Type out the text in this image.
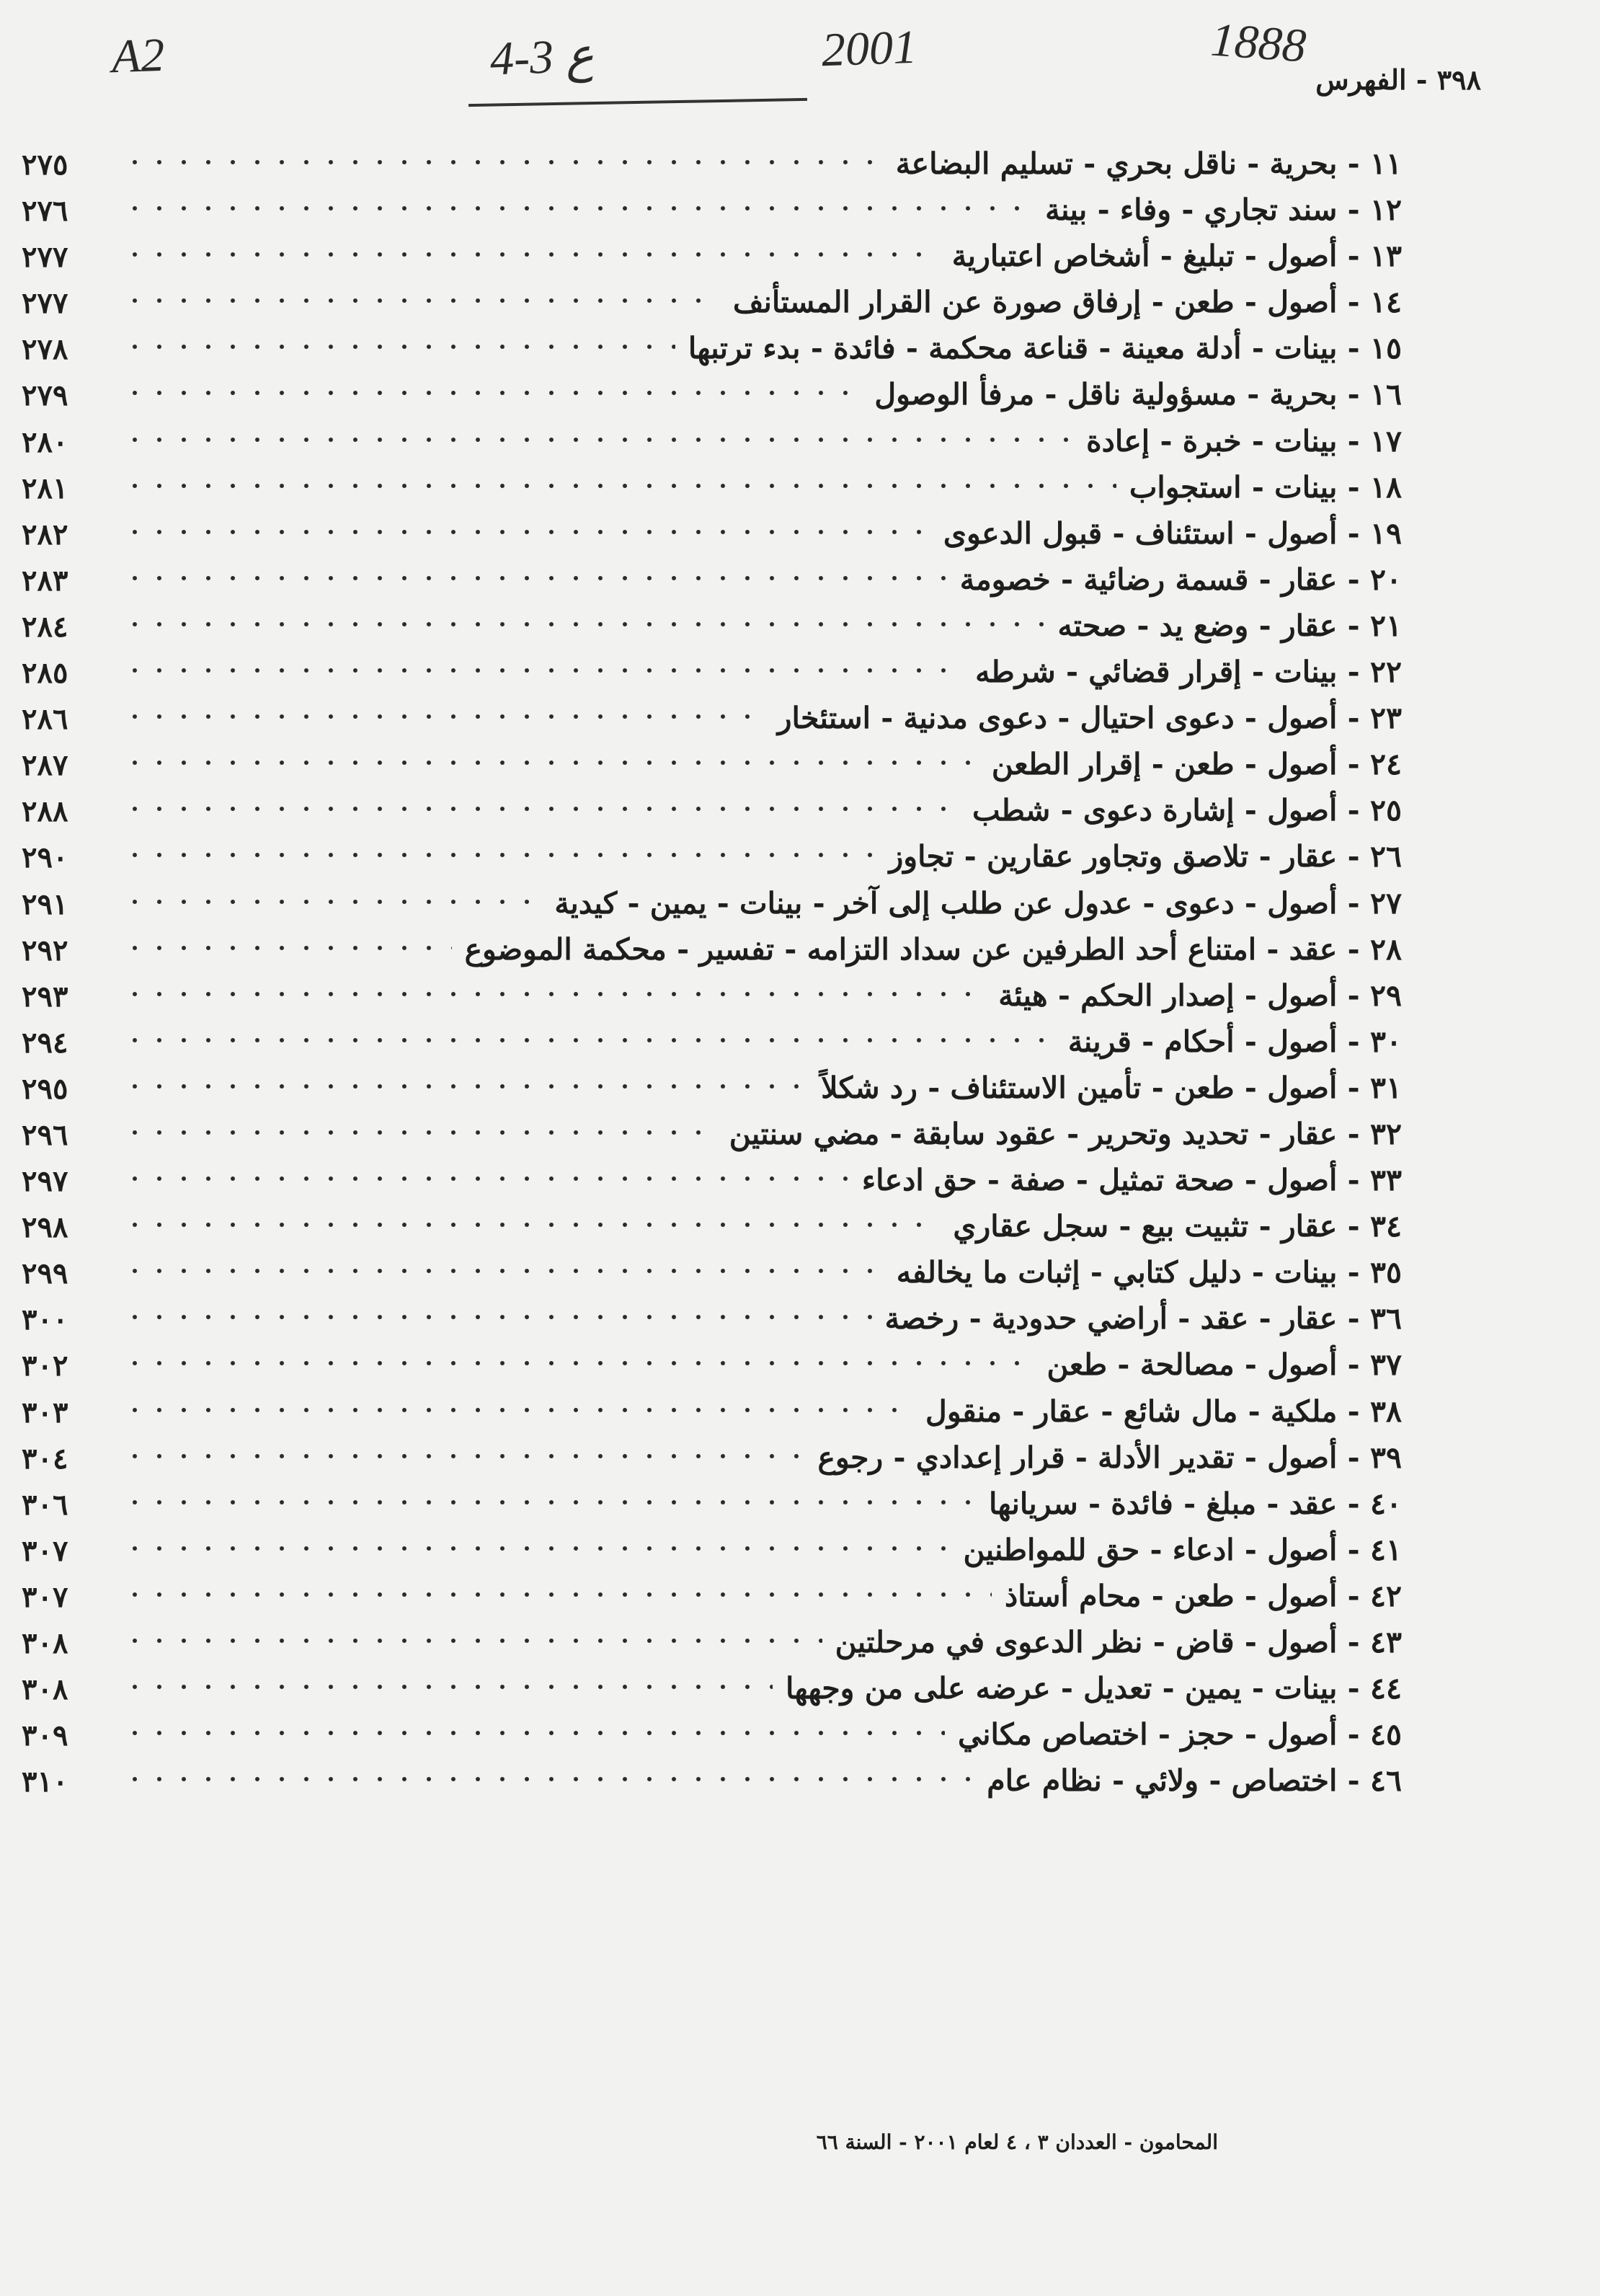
A2	4-3 ع	2001	1888
٣٩٨ - الفهرس
١١ - بحرية - ناقل بحري - تسليم البضاعة
٢٧٥
١٢ - سند تجاري - وفاء - بينة
٢٧٦
١٣ - أصول - تبليغ - أشخاص اعتبارية
٢٧٧
١٤ - أصول - طعن - إرفاق صورة عن القرار المستأنف
٢٧٧
١٥ - بينات - أدلة معينة - قناعة محكمة - فائدة - بدء ترتبها
٢٧٨
١٦ - بحرية - مسؤولية ناقل - مرفأ الوصول
٢٧٩
١٧ - بينات - خبرة - إعادة
٢٨٠
١٨ - بينات - استجواب
٢٨١
١٩ - أصول - استئناف - قبول الدعوى
٢٨٢
٢٠ - عقار - قسمة رضائية - خصومة
٢٨٣
٢١ - عقار - وضع يد - صحته
٢٨٤
٢٢ - بينات - إقرار قضائي - شرطه
٢٨٥
٢٣ - أصول - دعوى احتيال - دعوى مدنية - استئخار
٢٨٦
٢٤ - أصول - طعن - إقرار الطعن
٢٨٧
٢٥ - أصول - إشارة دعوى - شطب
٢٨٨
٢٦ - عقار - تلاصق وتجاور عقارين - تجاوز
٢٩٠
٢٧ - أصول - دعوى - عدول عن طلب إلى آخر - بينات - يمين - كيدية
٢٩١
٢٨ - عقد - امتناع أحد الطرفين عن سداد التزامه - تفسير - محكمة الموضوع
٢٩٢
٢٩ - أصول - إصدار الحكم - هيئة
٢٩٣
٣٠ - أصول - أحكام - قرينة
٢٩٤
٣١ - أصول - طعن - تأمين الاستئناف - رد شكلاً
٢٩٥
٣٢ - عقار - تحديد وتحرير - عقود سابقة - مضي سنتين
٢٩٦
٣٣ - أصول - صحة تمثيل - صفة - حق ادعاء
٢٩٧
٣٤ - عقار - تثبيت بيع - سجل عقاري
٢٩٨
٣٥ - بينات - دليل كتابي - إثبات ما يخالفه
٢٩٩
٣٦ - عقار - عقد - أراضي حدودية - رخصة
٣٠٠
٣٧ - أصول - مصالحة - طعن
٣٠٢
٣٨ - ملكية - مال شائع - عقار - منقول
٣٠٣
٣٩ - أصول - تقدير الأدلة - قرار إعدادي - رجوع
٣٠٤
٤٠ - عقد - مبلغ - فائدة - سريانها
٣٠٦
٤١ - أصول - ادعاء - حق للمواطنين
٣٠٧
٤٢ - أصول - طعن - محام أستاذ
٣٠٧
٤٣ - أصول - قاض - نظر الدعوى في مرحلتين
٣٠٨
٤٤ - بينات - يمين - تعديل - عرضه على من وجهها
٣٠٨
٤٥ - أصول - حجز - اختصاص مكاني
٣٠٩
٤٦ - اختصاص - ولائي - نظام عام
٣١٠
المحامون - العددان ٣ ، ٤ لعام ٢٠٠١ - السنة ٦٦
